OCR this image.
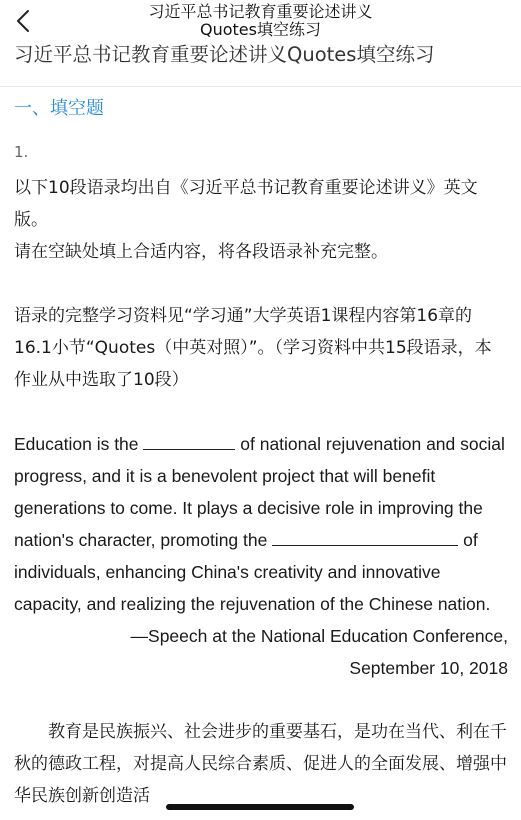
习近平总书记教育重要论述讲义
Quotes填空练习
习近平总书记教育重要论述讲义Quotes填空练习
一、填空题
1.

以下10段语录均出自《习近平总书记教育重要论述讲义》英文版。

请在空缺处填上合适内容，将各段语录补充完整。

语录的完整学习资料见“学习通”大学英语1课程内容第16章的16.1小节“Quotes（中英对照）”。（学习资料中共15段语录，本作业从中选取了10段）

Education is the	of national rejuvenation and social progress, and it is a benevolent project that will benefit generations to come. It plays a decisive role in improving the nation's character, promoting the	of individuals, enhancing China's creativity and innovative capacity, and realizing the rejuvenation of the Chinese nation.

—Speech at the National Education Conference,
September 10, 2018

教育是民族振兴、社会进步的重要基石，是功在当代、利在千秋的德政工程，对提高人民综合素质、促进人的全面发展、增强中华民族创新创造活
